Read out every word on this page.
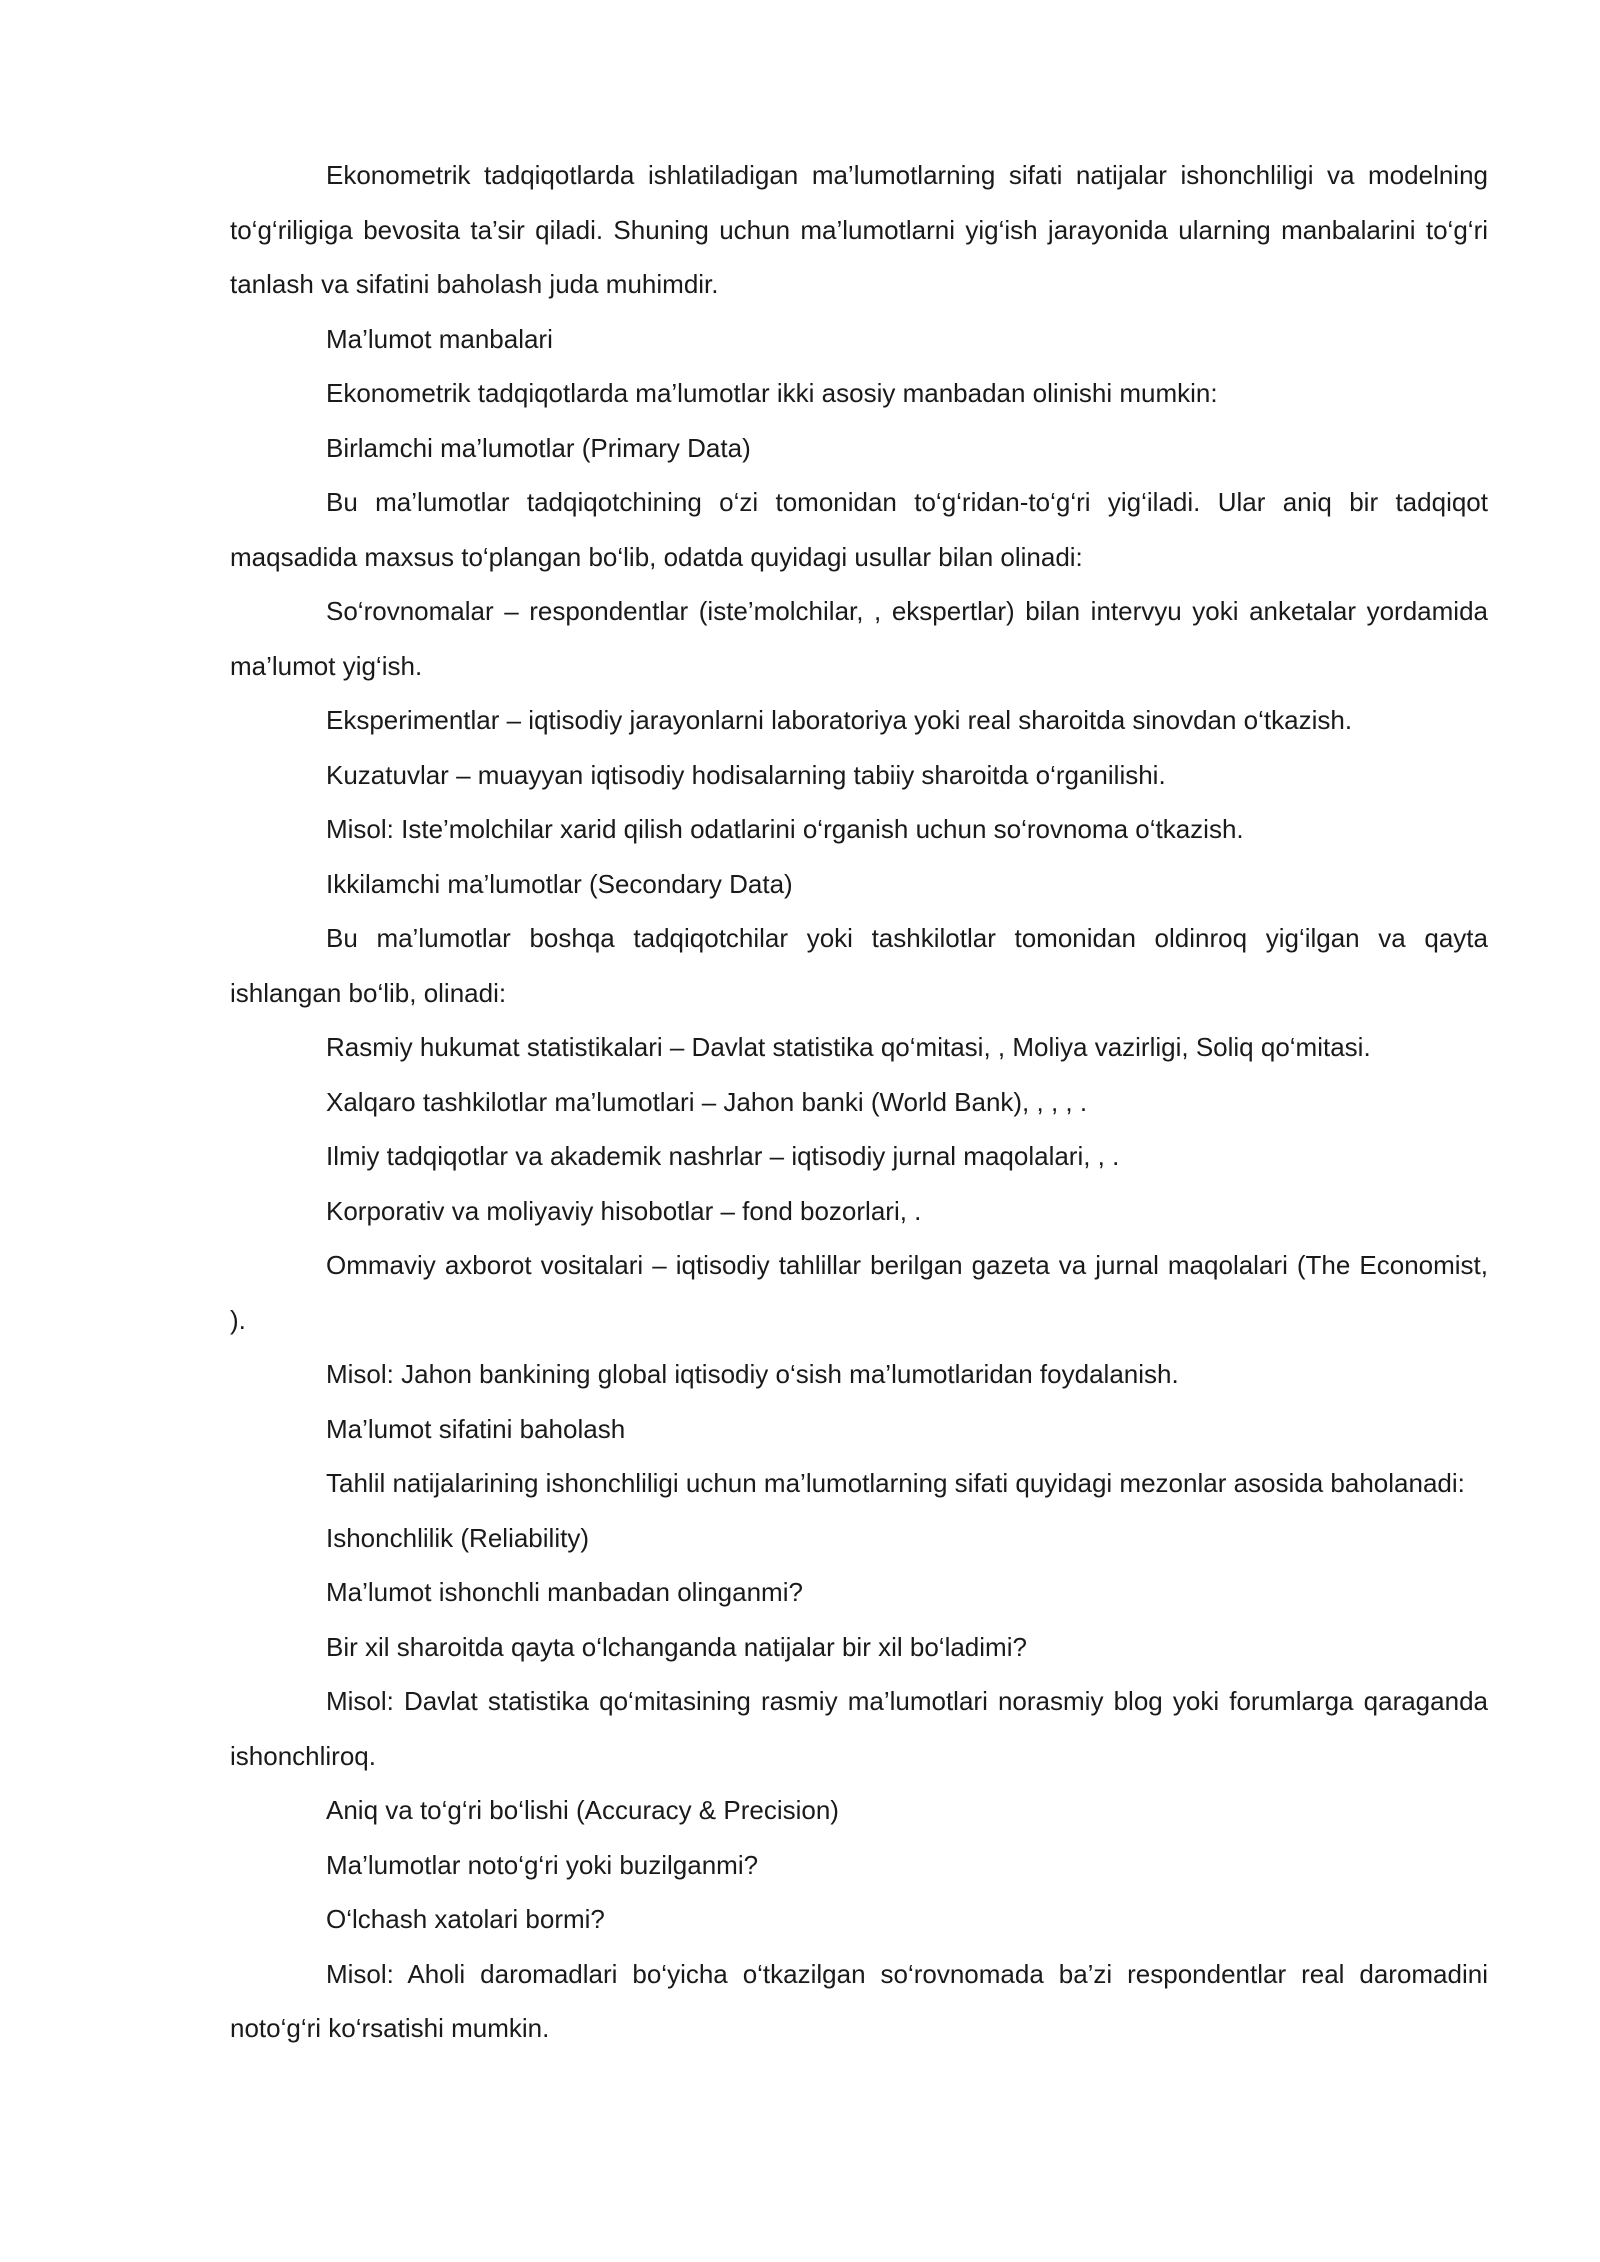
Ekonometrik tadqiqotlarda ishlatiladigan ma’lumotlarning sifati natijalar ishonchliligi va modelning to‘g‘riligiga bevosita ta’sir qiladi. Shuning uchun ma’lumotlarni yig‘ish jarayonida ularning manbalarini to‘g‘ri tanlash va sifatini baholash juda muhimdir.

Ma’lumot manbalari

Ekonometrik tadqiqotlarda ma’lumotlar ikki asosiy manbadan olinishi mumkin:

Birlamchi ma’lumotlar (Primary Data)

Bu ma’lumotlar tadqiqotchining o‘zi tomonidan to‘g‘ridan-to‘g‘ri yig‘iladi. Ular aniq bir tadqiqot maqsadida maxsus to‘plangan bo‘lib, odatda quyidagi usullar bilan olinadi:

So‘rovnomalar – respondentlar (iste’molchilar, , ekspertlar) bilan intervyu yoki anketalar yordamida ma’lumot yig‘ish.

Eksperimentlar – iqtisodiy jarayonlarni laboratoriya yoki real sharoitda sinovdan o‘tkazish.

Kuzatuvlar – muayyan iqtisodiy hodisalarning tabiiy sharoitda o‘rganilishi.

Misol: Iste’molchilar xarid qilish odatlarini o‘rganish uchun so‘rovnoma o‘tkazish.

Ikkilamchi ma’lumotlar (Secondary Data)

Bu ma’lumotlar boshqa tadqiqotchilar yoki tashkilotlar tomonidan oldinroq yig‘ilgan va qayta ishlangan bo‘lib, olinadi:

Rasmiy hukumat statistikalari – Davlat statistika qo‘mitasi, , Moliya vazirligi, Soliq qo‘mitasi.

Xalqaro tashkilotlar ma’lumotlari – Jahon banki (World Bank), , , , .

Ilmiy tadqiqotlar va akademik nashrlar – iqtisodiy jurnal maqolalari, , .

Korporativ va moliyaviy hisobotlar – fond bozorlari, .

Ommaviy axborot vositalari – iqtisodiy tahlillar berilgan gazeta va jurnal maqolalari (The Economist, ).

Misol: Jahon bankining global iqtisodiy o‘sish ma’lumotlaridan foydalanish.

Ma’lumot sifatini baholash

Tahlil natijalarining ishonchliligi uchun ma’lumotlarning sifati quyidagi mezonlar asosida baholanadi:

Ishonchlilik (Reliability)

Ma’lumot ishonchli manbadan olinganmi?

Bir xil sharoitda qayta o‘lchanganda natijalar bir xil bo‘ladimi?

Misol: Davlat statistika qo‘mitasining rasmiy ma’lumotlari norasmiy blog yoki forumlarga qaraganda ishonchliroq.

Aniq va to‘g‘ri bo‘lishi (Accuracy & Precision)

Ma’lumotlar noto‘g‘ri yoki buzilganmi?

O‘lchash xatolari bormi?

Misol: Aholi daromadlari bo‘yicha o‘tkazilgan so‘rovnomada ba’zi respondentlar real daromadini noto‘g‘ri ko‘rsatishi mumkin.
